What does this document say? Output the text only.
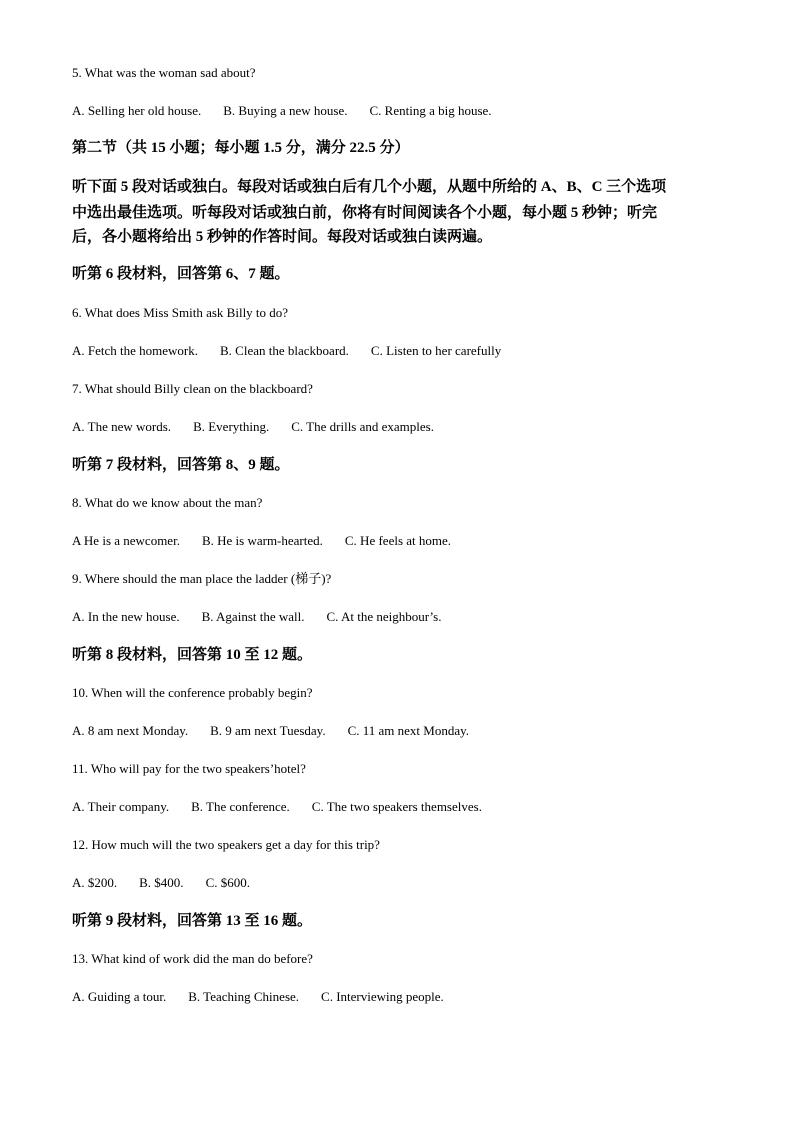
5. What was the woman sad about?
A. Selling her old house. B. Buying a new house. C. Renting a big house.
第二节（共 15 小题；每小题 1.5 分，满分 22.5 分）
听下面 5 段对话或独白。每段对话或独白后有几个小题，从题中所给的 A、B、C 三个选项
中选出最佳选项。听每段对话或独白前，你将有时间阅读各个小题，每小题 5 秒钟；听完
后，各小题将给出 5 秒钟的作答时间。每段对话或独白读两遍。
听第 6 段材料，回答第 6、7 题。
6. What does Miss Smith ask Billy to do?
A. Fetch the homework. B. Clean the blackboard. C. Listen to her carefully
7. What should Billy clean on the blackboard?
A. The new words. B. Everything. C. The drills and examples.
听第 7 段材料，回答第 8、9 题。
8. What do we know about the man?
A He is a newcomer. B. He is warm-hearted. C. He feels at home.
9. Where should the man place the ladder (梯子)?
A. In the new house. B. Against the wall. C. At the neighbour’s.
听第 8 段材料，回答第 10 至 12 题。
10. When will the conference probably begin?
A. 8 am next Monday. B. 9 am next Tuesday. C. 11 am next Monday.
11. Who will pay for the two speakers’hotel?
A. Their company. B. The conference. C. The two speakers themselves.
12. How much will the two speakers get a day for this trip?
A. $200. B. $400. C. $600.
听第 9 段材料，回答第 13 至 16 题。
13. What kind of work did the man do before?
A. Guiding a tour. B. Teaching Chinese. C. Interviewing people.
